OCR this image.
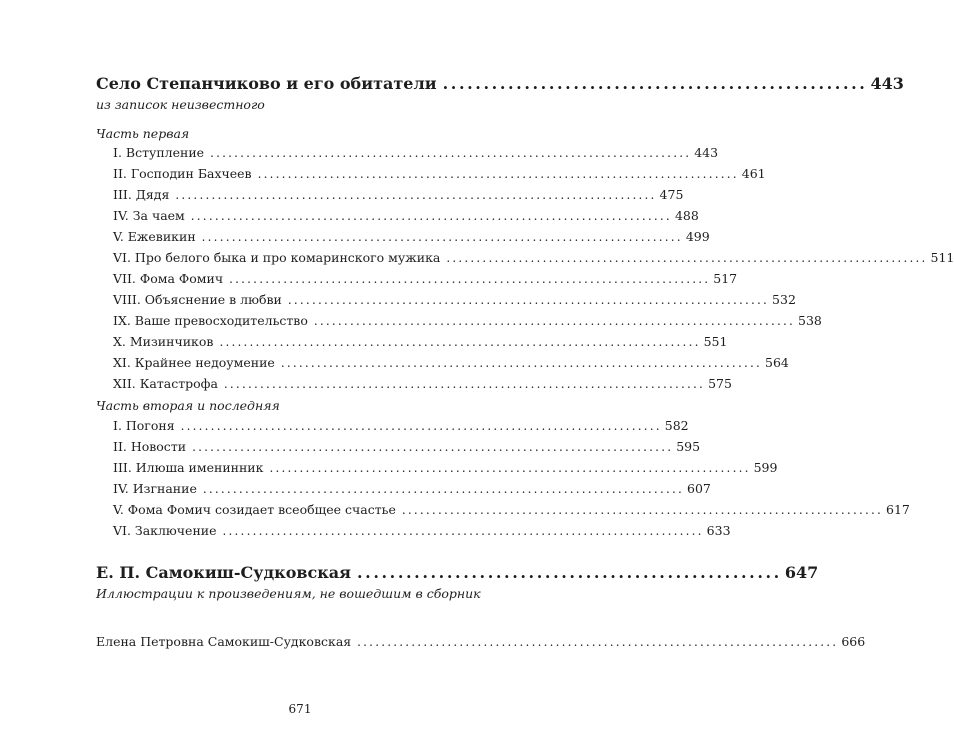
Село Степанчиково и его обитатели .................................................... 443
из записок неизвестного
Часть первая
I. Вступление ................................................................................ 443
II. Господин Бахчеев ................................................................................ 461
III. Дядя ................................................................................ 475
IV. За чаем ................................................................................ 488
V. Ежевикин ................................................................................ 499
VI. Про белого быка и про комаринского мужика ................................................................................ 511
VII. Фома Фомич ................................................................................ 517
VIII. Объяснение в любви ................................................................................ 532
IX. Ваше превосходительство ................................................................................ 538
X. Мизинчиков ................................................................................ 551
XI. Крайнее недоумение ................................................................................ 564
XII. Катастрофа ................................................................................ 575
Часть вторая и последняя
I. Погоня ................................................................................ 582
II. Новости ................................................................................ 595
III. Илюша именинник ................................................................................ 599
IV. Изгнание ................................................................................ 607
V. Фома Фомич созидает всеобщее счастье ................................................................................ 617
VI. Заключение ................................................................................ 633
Е. П. Самокиш-Судковская .................................................... 647
Иллюстрации к произведениям, не вошедшим в сборник
Елена Петровна Самокиш-Судковская ................................................................................ 666
671
